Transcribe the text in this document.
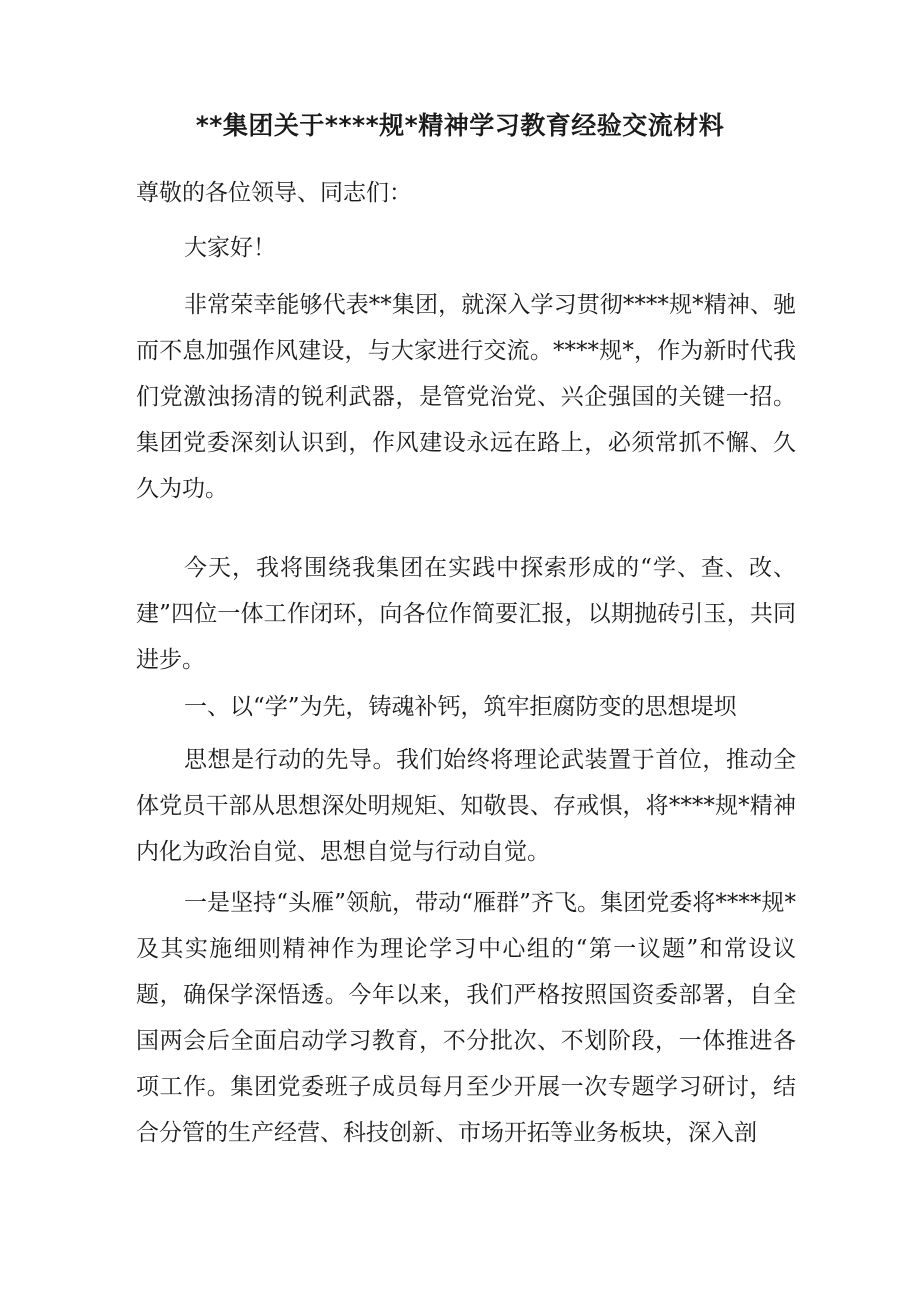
**集团关于****规*精神学习教育经验交流材料
尊敬的各位领导、同志们：
大家好！
非常荣幸能够代表**集团，就深入学习贯彻****规*精神、驰而不息加强作风建设，与大家进行交流。****规*，作为新时代我们党激浊扬清的锐利武器，是管党治党、兴企强国的关键一招。集团党委深刻认识到，作风建设永远在路上，必须常抓不懈、久久为功。
今天，我将围绕我集团在实践中探索形成的“学、查、改、建”四位一体工作闭环，向各位作简要汇报，以期抛砖引玉，共同进步。
一、以“学”为先，铸魂补钙，筑牢拒腐防变的思想堤坝
思想是行动的先导。我们始终将理论武装置于首位，推动全体党员干部从思想深处明规矩、知敬畏、存戒惧，将****规*精神内化为政治自觉、思想自觉与行动自觉。
一是坚持“头雁”领航，带动“雁群”齐飞。集团党委将****规*及其实施细则精神作为理论学习中心组的“第一议题”和常设议题，确保学深悟透。今年以来，我们严格按照国资委部署，自全国两会后全面启动学习教育，不分批次、不划阶段，一体推进各项工作。集团党委班子成员每月至少开展一次专题学习研讨，结合分管的生产经营、科技创新、市场开拓等业务板块，深入剖
